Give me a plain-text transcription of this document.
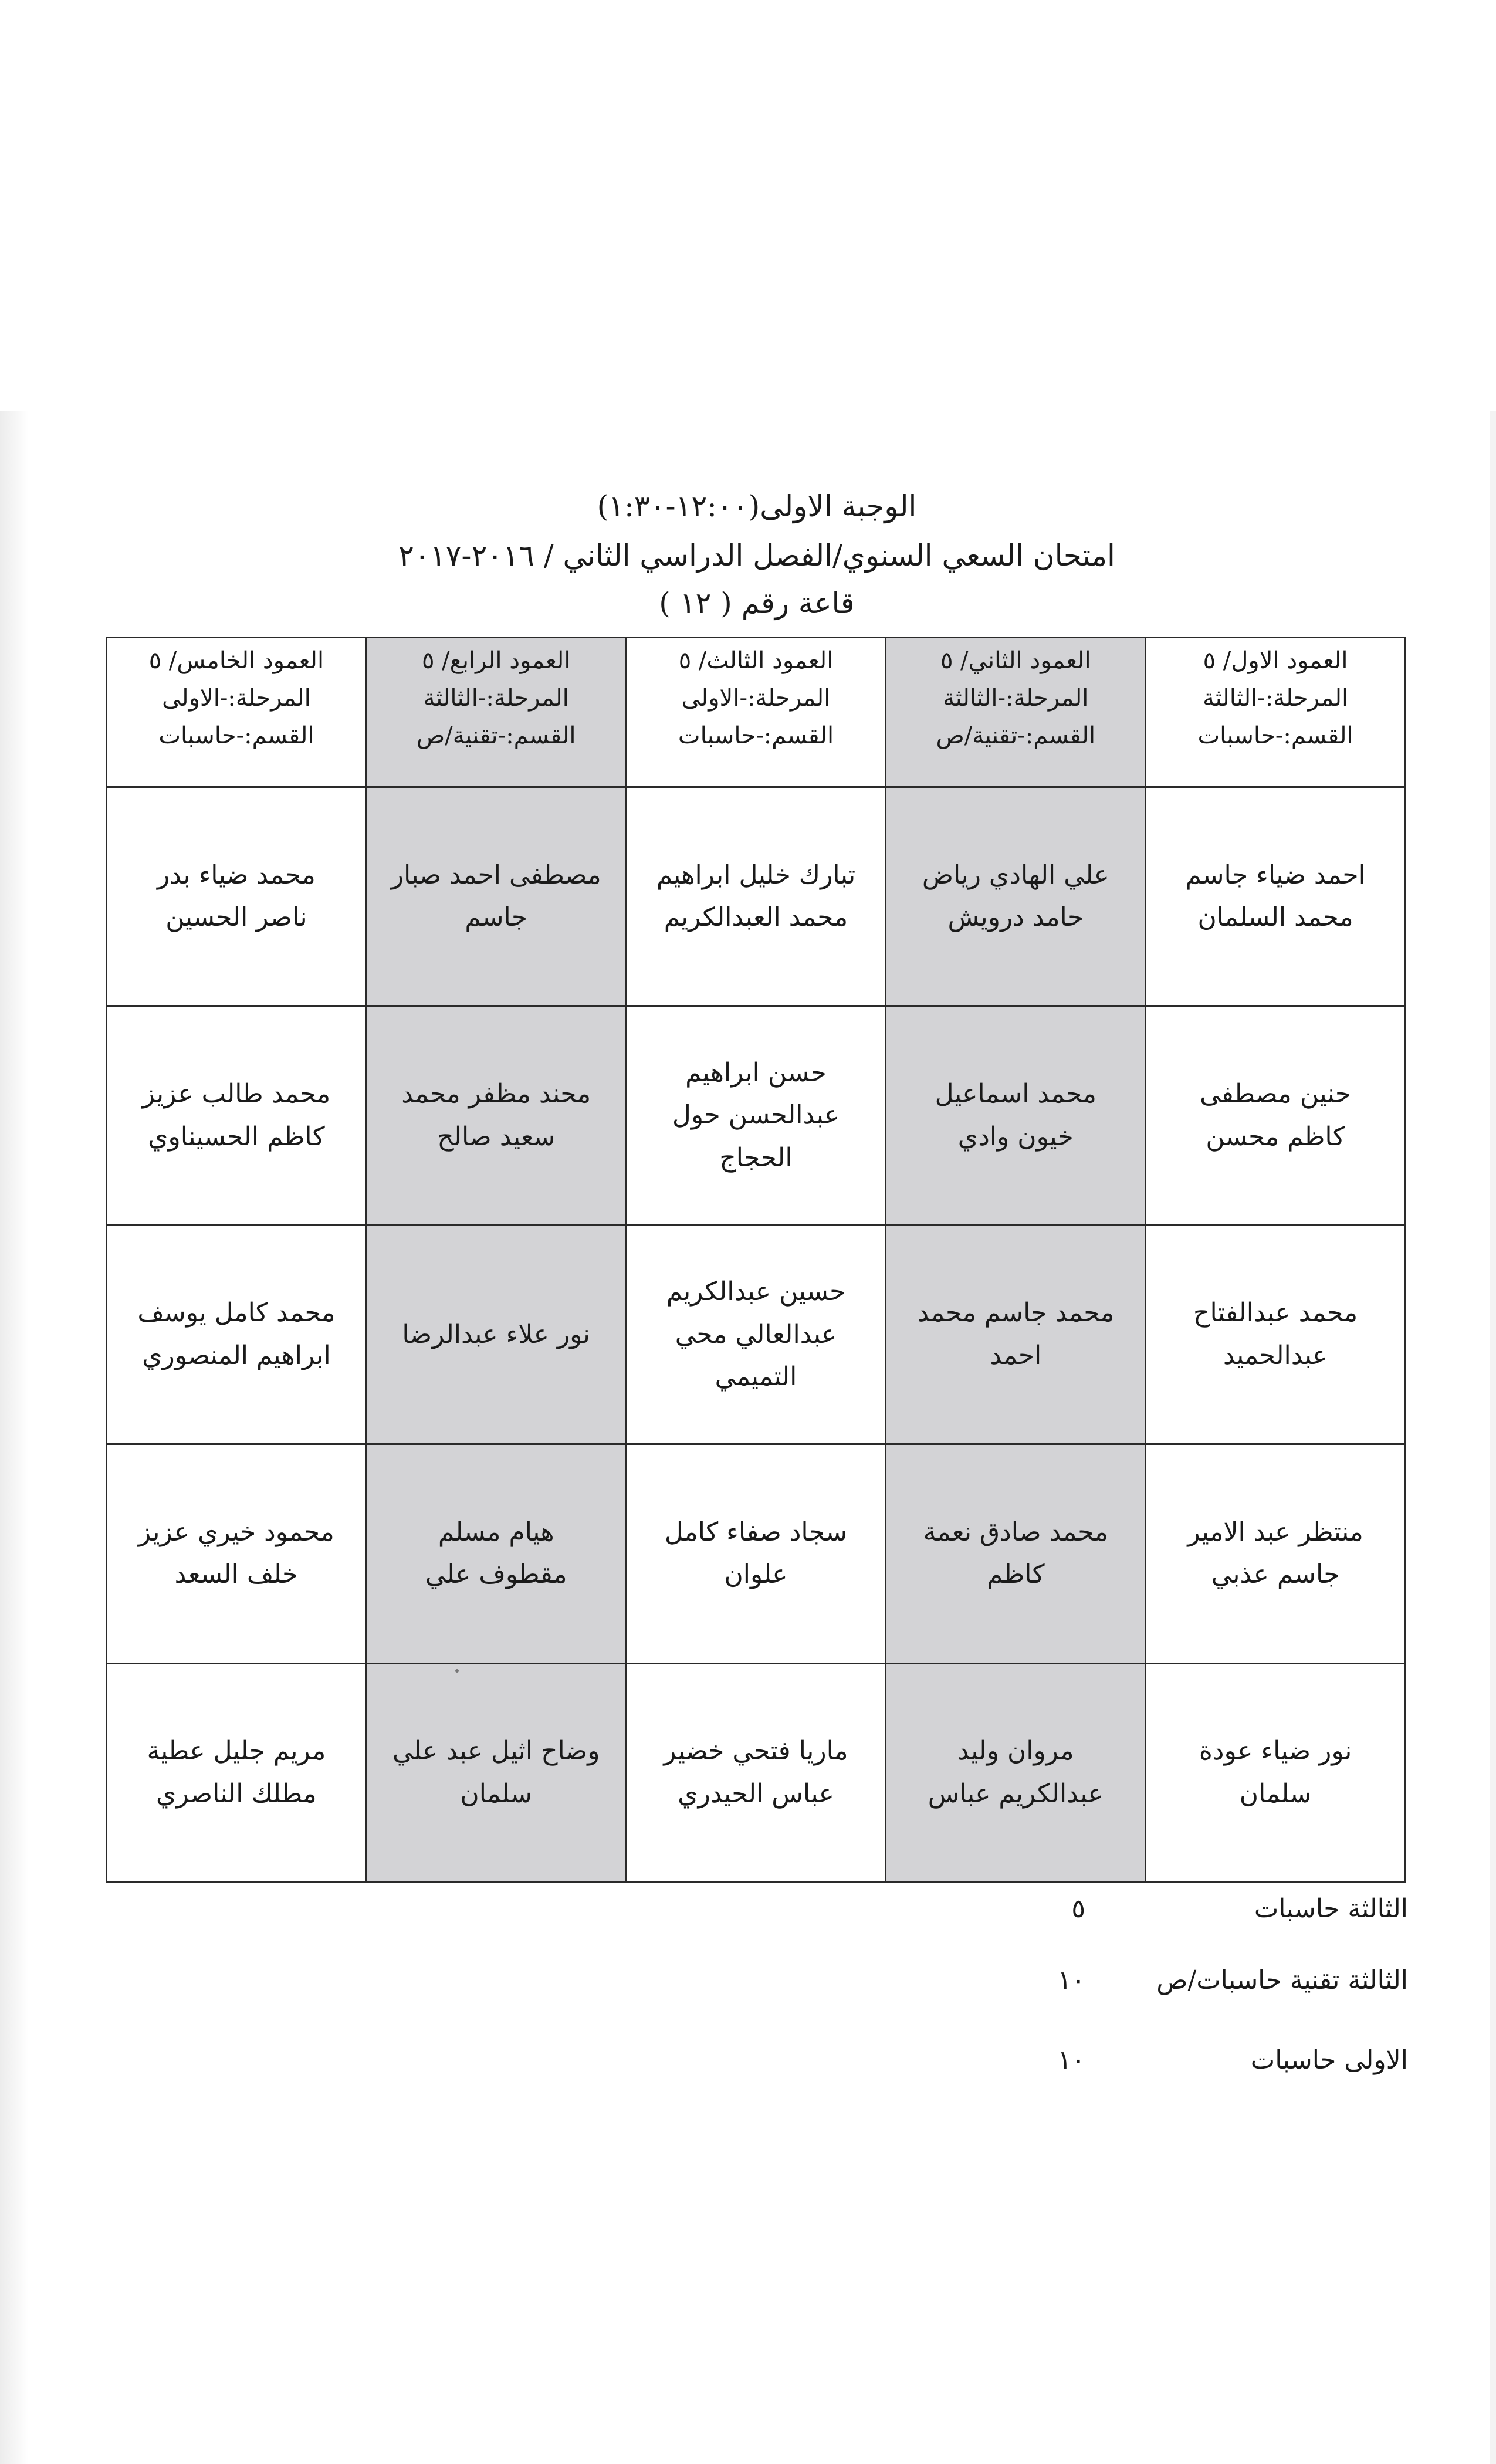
الوجبة الاولى(١٢:٠٠-١:٣٠)
امتحان السعي السنوي/الفصل الدراسي الثاني / ٢٠١٦-٢٠١٧
قاعة رقم ( ١٢ )
العمود الاول/ ٥
المرحلة:-الثالثة
القسم:-حاسبات	العمود الثاني/ ٥
المرحلة:-الثالثة
القسم:-تقنية/ص	العمود الثالث/ ٥
المرحلة:-الاولى
القسم:-حاسبات	العمود الرابع/ ٥
المرحلة:-الثالثة
القسم:-تقنية/ص	العمود الخامس/ ٥
المرحلة:-الاولى
القسم:-حاسبات

احمد ضياء جاسم محمد السلمان	علي الهادي رياض حامد درويش	تبارك خليل ابراهيم محمد العبدالكريم	مصطفى احمد صبار جاسم	محمد ضياء بدر ناصر الحسين
حنين مصطفى كاظم محسن	محمد اسماعيل خيون وادي	حسن ابراهيم عبدالحسن حول الحجاج	محند مظفر محمد سعيد صالح	محمد طالب عزيز كاظم الحسيناوي
محمد عبدالفتاح عبدالحميد	محمد جاسم محمد احمد	حسين عبدالكريم عبدالعالي محي التميمي	نور علاء عبدالرضا	محمد كامل يوسف ابراهيم المنصوري
منتظر عبد الامير جاسم عذبي	محمد صادق نعمة كاظم	سجاد صفاء كامل علوان	هيام مسلم مقطوف علي	محمود خيري عزيز خلف السعد
نور ضياء عودة سلمان	مروان وليد عبدالكريم عباس	ماريا فتحي خضير عباس الحيدري	وضاح اثيل عبد علي سلمان	مريم جليل عطية مطلك الناصري
الثالثة حاسبات
٥
الثالثة تقنية حاسبات/ص
١٠
الاولى حاسبات
١٠
